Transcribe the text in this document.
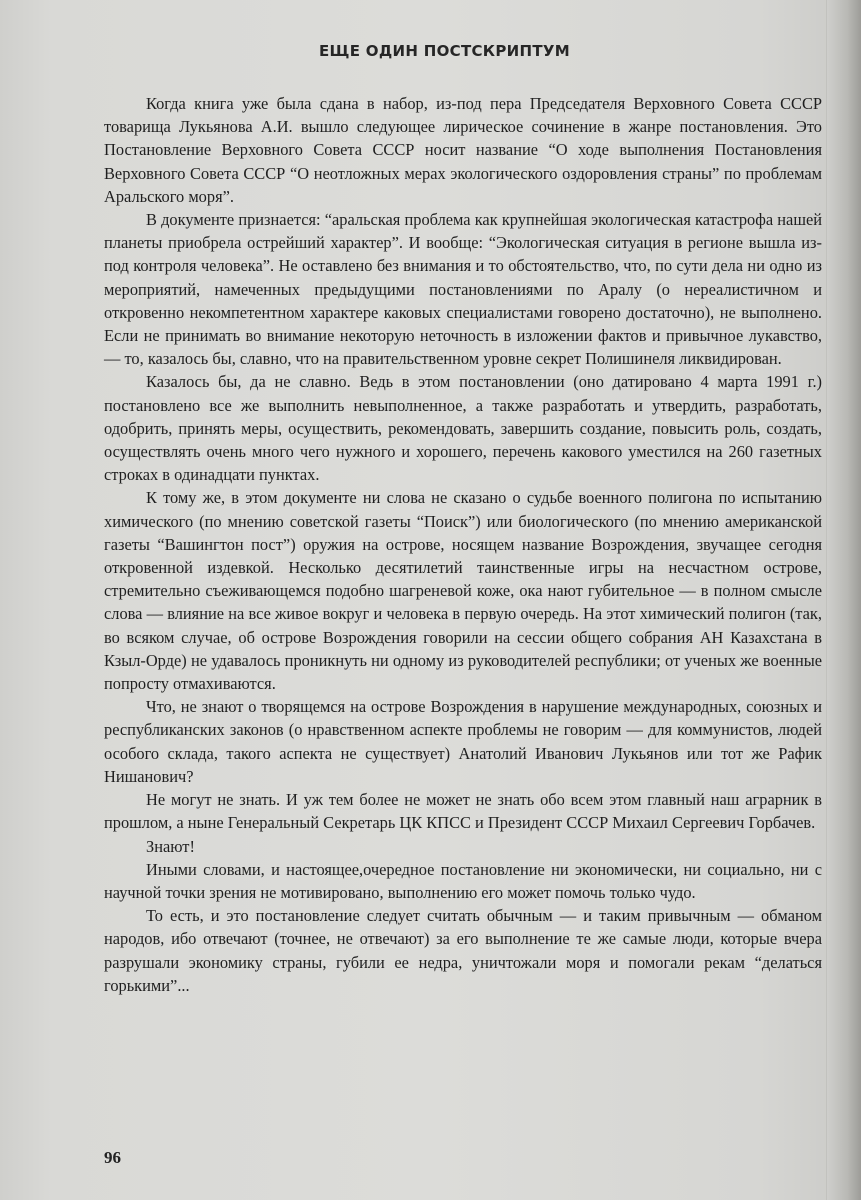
ЕЩЕ ОДИН ПОСТСКРИПТУМ

Когда книга уже была сдана в набор, из-под пера Председателя Верховного Совета СССР товарища Лукьянова А.И. вышло следующее лирическое сочинение в жанре постановления. Это Постановление Верховного Совета СССР носит название “О ходе выполнения Постановления Верховного Совета СССР “О неотложных мерах экологического оздоровления страны” по проблемам Аральского моря”.

В документе признается: “аральская проблема как крупнейшая экологическая катастрофа нашей планеты приобрела острейший характер”. И вообще: “Экологическая ситуация в регионе вышла из-под контроля человека”. Не оставлено без внимания и то обстоятельство, что, по сути дела ни одно из мероприятий, намеченных предыдущими постановлениями по Аралу (о нереалистичном и откровенно некомпетентном характере каковых специалистами говорено достаточно), не выполнено. Если не принимать во внимание некоторую неточность в изложении фактов и привычное лукавство, — то, казалось бы, славно, что на правительственном уровне секрет Полишинеля ликвидирован.

Казалось бы, да не славно. Ведь в этом постановлении (оно датировано 4 марта 1991 г.) постановлено все же выполнить невыполненное, а также разработать и утвердить, разработать, одобрить, принять меры, осуществить, рекомендовать, завершить создание, повысить роль, создать, осуществлять очень много чего нужного и хорошего, перечень какового уместился на 260 газетных строках в одинадцати пунктах.

К тому же, в этом документе ни слова не сказано о судьбе военного полигона по испытанию химического (по мнению советской газеты “Поиск”) или биологического (по мнению американской газеты “Вашингтон пост”) оружия на острове, носящем название Возрождения, звучащее сегодня откровенной издевкой. Несколько десятилетий таинственные игры на несчастном острове, стремительно съеживающемся подобно шагреневой коже, ока нают губительное — в полном смысле слова — влияние на все живое вокруг и человека в первую очередь. На этот химический полигон (так, во всяком случае, об острове Возрождения говорили на сессии общего собрания АН Казахстана в Кзыл-Орде) не удавалось проникнуть ни одному из руководителей республики; от ученых же военные попросту отмахиваются.

Что, не знают о творящемся на острове Возрождения в нарушение международных, союзных и республиканских законов (о нравственном аспекте проблемы не говорим — для коммунистов, людей особого склада, такого аспекта не существует) Анатолий Иванович Лукьянов или тот же Рафик Нишанович?

Не могут не знать. И уж тем более не может не знать обо всем этом главный наш аграрник в прошлом, а ныне Генеральный Секретарь ЦК КПСС и Президент СССР Михаил Сергеевич Горбачев.

Знают!

Иными словами, и настоящее,очередное постановление ни экономически, ни социально, ни с научной точки зрения не мотивировано, выполнению его может помочь только чудо.

То есть, и это постановление следует считать обычным — и таким привычным — обманом народов, ибо отвечают (точнее, не отвечают) за его выполнение те же самые люди, которые вчера разрушали экономику страны, губили ее недра, уничтожали моря и помогали рекам “делаться горькими”...

96
